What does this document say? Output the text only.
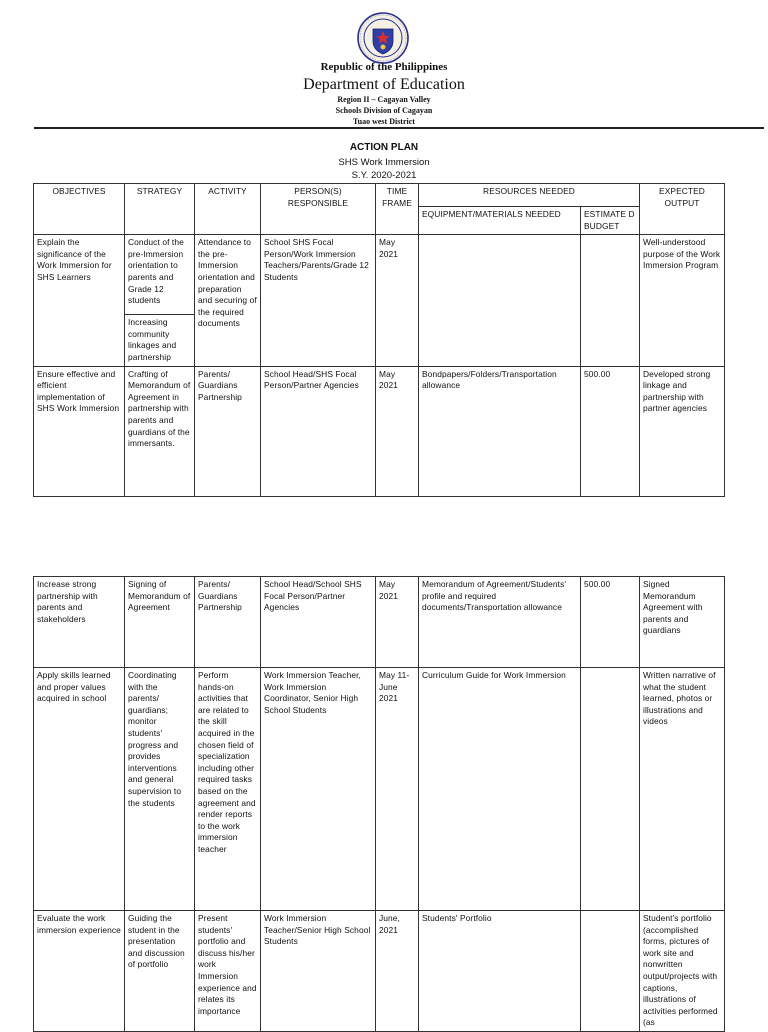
Republic of the Philippines
Department of Education
Region II – Cagayan Valley
Schools Division of Cagayan
Tuao west District
ACTION PLAN
SHS Work Immersion
S.Y. 2020-2021
OBJECTIVES	STRATEGY	ACTIVITY	PERSON(S) RESPONSIBLE	TIME FRAME	RESOURCES NEEDED		EXPECTED OUTPUT
					EQUIPMENT/MATERIALS NEEDED	ESTIMATE D BUDGET	
Explain the significance of the Work Immersion for SHS Learners	Conduct of the pre-Immersion orientation to parents and Grade 12 students	Attendance to the pre-Immersion orientation and preparation and securing of the required documents	School SHS Focal Person/Work Immersion Teachers/Parents/Grade 12 Students	May 2021			Well-understood purpose of the Work Immersion Program
	Increasing community linkages and partnership						
Ensure effective and efficient implementation of SHS Work Immersion	Crafting of Memorandum of Agreement in partnership with parents and guardians of the immersants.	Parents/ Guardians Partnership	School Head/SHS Focal Person/Partner Agencies	May 2021	Bondpapers/Folders/Transportation allowance	500.00	Developed strong linkage and partnership with partner agencies
Increase strong partnership with parents and stakeholders	Signing of Memorandum of Agreement	Parents/ Guardians Partnership	School Head/School SHS Focal Person/Partner Agencies	May 2021	Memorandum of Agreement/Students' profile and required documents/Transportation allowance	500.00	Signed Memorandum Agreement with parents and guardians
Apply skills learned and proper values acquired in school	Coordinating with the parents/ guardians; monitor students' progress and provides interventions and general supervision to the students	Perform hands-on activities that are related to the skill acquired in the chosen field of specialization including other required tasks based on the agreement and render reports to the work immersion teacher	Work Immersion Teacher, Work Immersion Coordinator, Senior High School Students	May 11- June 2021	Curriculum Guide for Work Immersion		Written narrative of what the student learned, photos or illustrations and videos
Evaluate the work immersion experience	Guiding the student in the presentation and discussion of portfolio	Present students' portfolio and discuss his/her work Immersion experience and relates its importance	Work Immersion Teacher/Senior High School Students	June, 2021	Students' Portfolio		Student's portfolio (accomplished forms, pictures of work site and nonwritten output/projects with captions, illustrations of activities performed (as
